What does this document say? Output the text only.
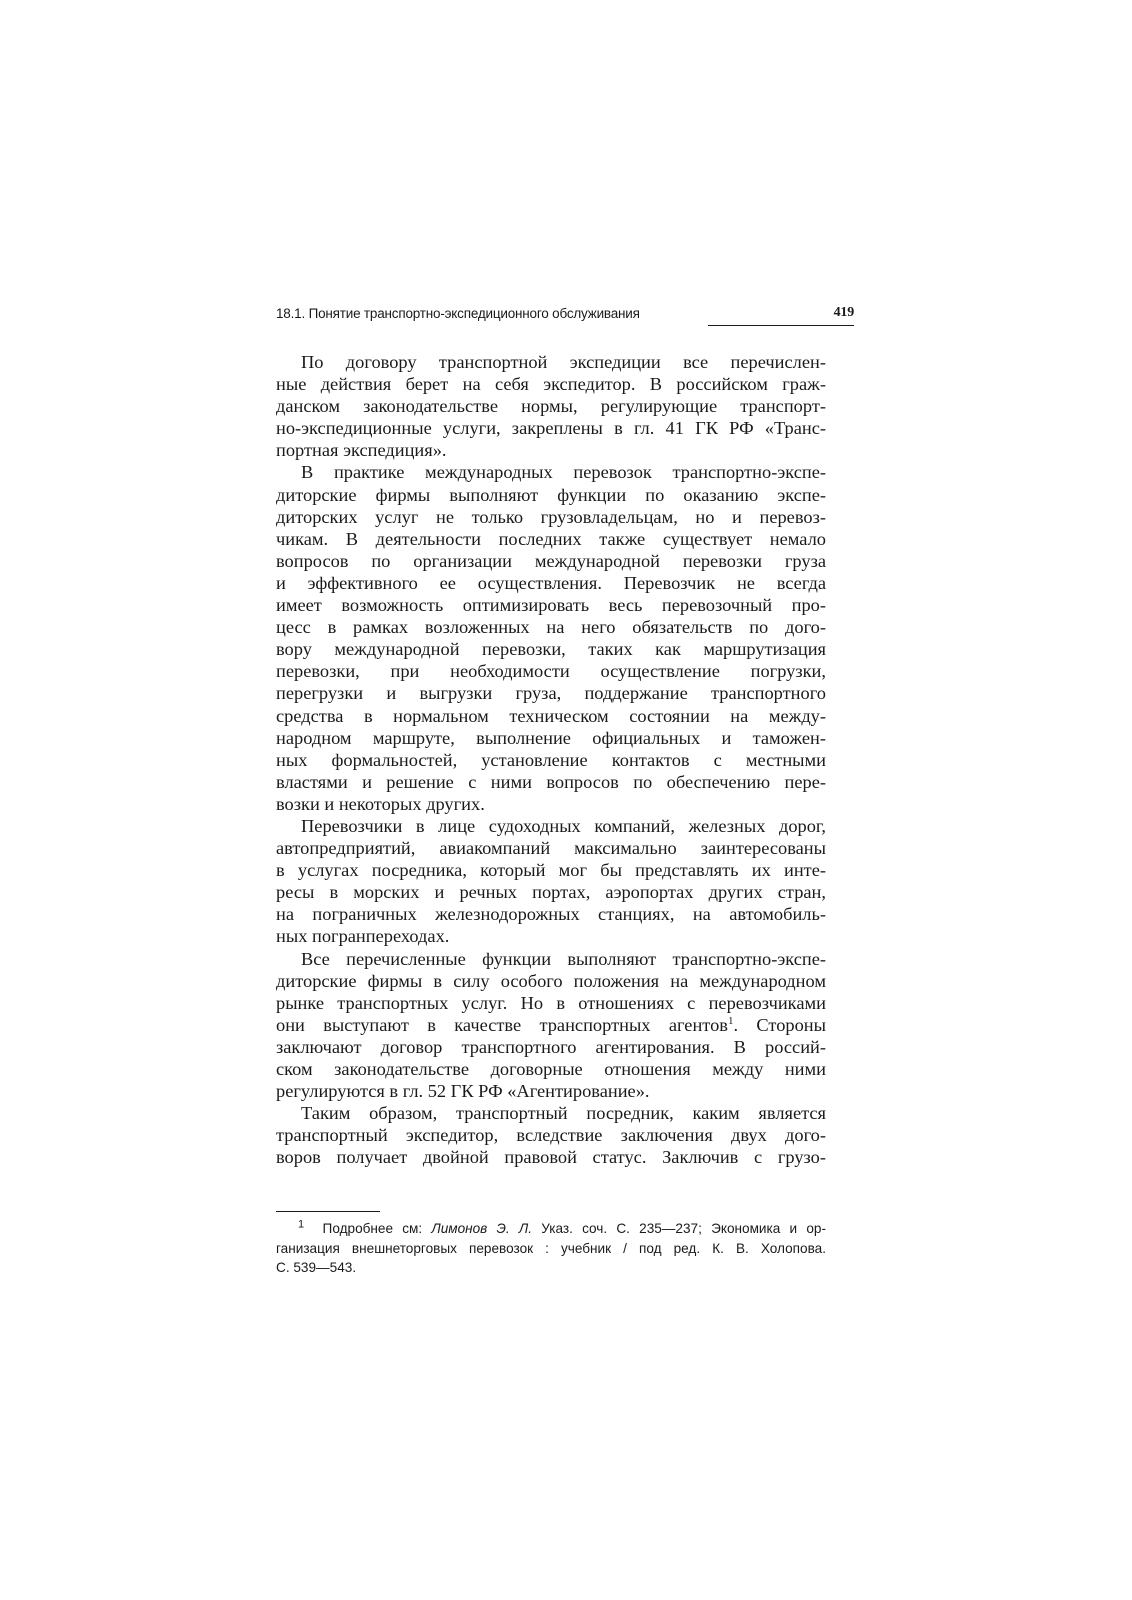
18.1. Понятие транспортно-экспедиционного обслуживания	419
По договору транспортной экспедиции все перечислен-
ные действия берет на себя экспедитор. В российском граж-
данском законодательстве нормы, регулирующие транспорт-
но-экспедиционные услуги, закреплены в гл. 41 ГК РФ «Транс-
портная экспедиция».
В практике международных перевозок транспортно-экспе-
диторские фирмы выполняют функции по оказанию экспе-
диторских услуг не только грузовладельцам, но и перевоз-
чикам. В деятельности последних также существует немало
вопросов по организации международной перевозки груза
и эффективного ее осуществления. Перевозчик не всегда
имеет возможность оптимизировать весь перевозочный про-
цесс в рамках возложенных на него обязательств по дого-
вору международной перевозки, таких как маршрутизация
перевозки, при необходимости осуществление погрузки,
перегрузки и выгрузки груза, поддержание транспортного
средства в нормальном техническом состоянии на между-
народном маршруте, выполнение официальных и таможен-
ных формальностей, установление контактов с местными
властями и решение с ними вопросов по обеспечению пере-
возки и некоторых других.
Перевозчики в лице судоходных компаний, железных дорог,
автопредприятий, авиакомпаний максимально заинтересованы
в услугах посредника, который мог бы представлять их инте-
ресы в морских и речных портах, аэропортах других стран,
на пограничных железнодорожных станциях, на автомобиль-
ных погранпереходах.
Все перечисленные функции выполняют транспортно-экспе-
диторские фирмы в силу особого положения на международном
рынке транспортных услуг. Но в отношениях с перевозчиками
они выступают в качестве транспортных агентов$^1$. Стороны
заключают договор транспортного агентирования. В россий-
ском законодательстве договорные отношения между ними
регулируются в гл. 52 ГК РФ «Агентирование».
Таким образом, транспортный посредник, каким является
транспортный экспедитор, вследствие заключения двух дого-
воров получает двойной правовой статус. Заключив с грузо-
$^1$ Подробнее см: Лимонов Э. Л. Указ. соч. С. 235—237; Экономика и ор-
ганизация внешнеторговых перевозок : учебник / под ред. К. В. Холопова.
С. 539—543.
